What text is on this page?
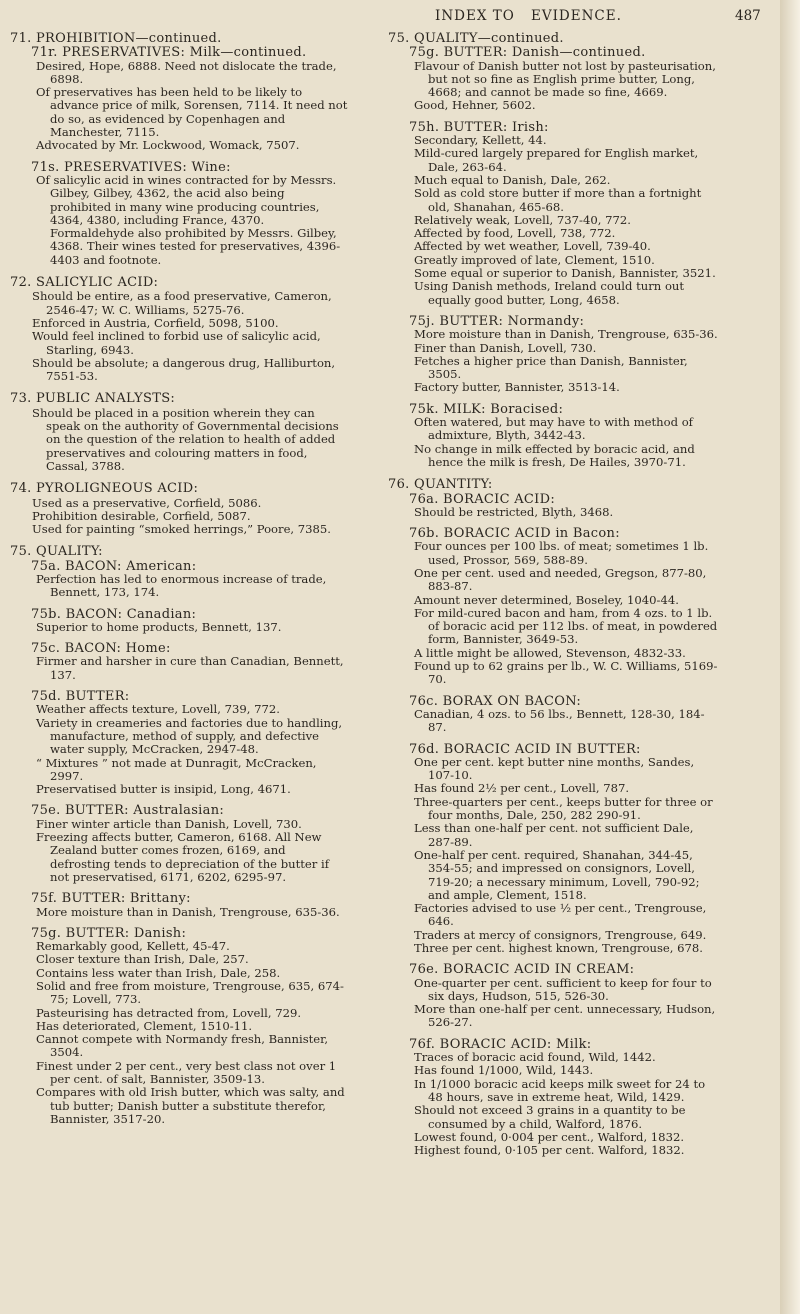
INDEX TO EVIDENCE.	487
71. PROHIBITION—continued.
71r. PRESERVATIVES: Milk—continued.

Desired, Hope, 6888. Need not dislocate the trade, 6898.

Of preservatives has been held to be likely to advance price of milk, Sorensen, 7114. It need not do so, as evidenced by Copenhagen and Manchester, 7115.

Advocated by Mr. Lockwood, Womack, 7507.

71s. PRESERVATIVES: Wine:

Of salicylic acid in wines contracted for by Messrs. Gilbey, Gilbey, 4362, the acid also being prohibited in many wine producing countries, 4364, 4380, including France, 4370. Formaldehyde also prohibited by Messrs. Gilbey, 4368. Their wines tested for preservatives, 4396-4403 and footnote.

72. SALICYLIC ACID:

Should be entire, as a food preservative, Cameron, 2546-47; W. C. Williams, 5275-76.

Enforced in Austria, Corfield, 5098, 5100.

Would feel inclined to forbid use of salicylic acid, Starling, 6943.

Should be absolute; a dangerous drug, Halliburton, 7551-53.

73. PUBLIC ANALYSTS:

Should be placed in a position wherein they can speak on the authority of Governmental decisions on the question of the relation to health of added preservatives and colouring matters in food, Cassal, 3788.

74. PYROLIGNEOUS ACID:

Used as a preservative, Corfield, 5086.

Prohibition desirable, Corfield, 5087.

Used for painting “smoked herrings,” Poore, 7385.

75. QUALITY:
75a. BACON: American:

Perfection has led to enormous increase of trade, Bennett, 173, 174.

75b. BACON: Canadian:

Superior to home products, Bennett, 137.

75c. BACON: Home:

Firmer and harsher in cure than Canadian, Bennett, 137.

75d. BUTTER:

Weather affects texture, Lovell, 739, 772.

Variety in creameries and factories due to handling, manufacture, method of supply, and defective water supply, McCracken, 2947-48.

“ Mixtures ” not made at Dunragit, McCracken, 2997.

Preservatised butter is insipid, Long, 4671.

75e. BUTTER: Australasian:

Finer winter article than Danish, Lovell, 730.

Freezing affects butter, Cameron, 6168. All New Zealand butter comes frozen, 6169, and defrosting tends to depreciation of the butter if not preservatised, 6171, 6202, 6295-97.

75f. BUTTER: Brittany:

More moisture than in Danish, Trengrouse, 635-36.

75g. BUTTER: Danish:

Remarkably good, Kellett, 45-47.

Closer texture than Irish, Dale, 257.

Contains less water than Irish, Dale, 258.

Solid and free from moisture, Trengrouse, 635, 674-75; Lovell, 773.

Pasteurising has detracted from, Lovell, 729.

Has deteriorated, Clement, 1510-11.

Cannot compete with Normandy fresh, Bannister, 3504.

Finest under 2 per cent., very best class not over 1 per cent. of salt, Bannister, 3509-13.

Compares with old Irish butter, which was salty, and tub butter; Danish butter a substitute therefor, Bannister, 3517-20.

75. QUALITY—continued.
75g. BUTTER: Danish—continued.

Flavour of Danish butter not lost by pasteurisation, but not so fine as English prime butter, Long, 4668; and cannot be made so fine, 4669.

Good, Hehner, 5602.

75h. BUTTER: Irish:

Secondary, Kellett, 44.

Mild-cured largely prepared for English market, Dale, 263-64.

Much equal to Danish, Dale, 262.

Sold as cold store butter if more than a fortnight old, Shanahan, 465-68.

Relatively weak, Lovell, 737-40, 772.

Affected by food, Lovell, 738, 772.

Affected by wet weather, Lovell, 739-40.

Greatly improved of late, Clement, 1510.

Some equal or superior to Danish, Bannister, 3521.

Using Danish methods, Ireland could turn out equally good butter, Long, 4658.

75j. BUTTER: Normandy:

More moisture than in Danish, Trengrouse, 635-36.

Finer than Danish, Lovell, 730.

Fetches a higher price than Danish, Bannister, 3505.

Factory butter, Bannister, 3513-14.

75k. MILK: Boracised:

Often watered, but may have to with method of admixture, Blyth, 3442-43.

No change in milk effected by boracic acid, and hence the milk is fresh, De Hailes, 3970-71.

76. QUANTITY:
76a. BORACIC ACID:

Should be restricted, Blyth, 3468.

76b. BORACIC ACID in Bacon:

Four ounces per 100 lbs. of meat; sometimes 1 lb. used, Prossor, 569, 588-89.

One per cent. used and needed, Gregson, 877-80, 883-87.

Amount never determined, Boseley, 1040-44.

For mild-cured bacon and ham, from 4 ozs. to 1 lb. of boracic acid per 112 lbs. of meat, in powdered form, Bannister, 3649-53.

A little might be allowed, Stevenson, 4832-33.

Found up to 62 grains per lb., W. C. Williams, 5169-70.

76c. BORAX ON BACON:

Canadian, 4 ozs. to 56 lbs., Bennett, 128-30, 184-87.

76d. BORACIC ACID IN BUTTER:

One per cent. kept butter nine months, Sandes, 107-10.

Has found 2½ per cent., Lovell, 787.

Three-quarters per cent., keeps butter for three or four months, Dale, 250, 282 290-91.

Less than one-half per cent. not sufficient Dale, 287-89.

One-half per cent. required, Shanahan, 344-45, 354-55; and impressed on consignors, Lovell, 719-20; a necessary minimum, Lovell, 790-92; and ample, Clement, 1518.

Factories advised to use ½ per cent., Trengrouse, 646.

Traders at mercy of consignors, Trengrouse, 649.

Three per cent. highest known, Trengrouse, 678.

76e. BORACIC ACID IN CREAM:

One-quarter per cent. sufficient to keep for four to six days, Hudson, 515, 526-30.

More than one-half per cent. unnecessary, Hudson, 526-27.

76f. BORACIC ACID: Milk:

Traces of boracic acid found, Wild, 1442.

Has found 1/1000, Wild, 1443.

In 1/1000 boracic acid keeps milk sweet for 24 to 48 hours, save in extreme heat, Wild, 1429.

Should not exceed 3 grains in a quantity to be consumed by a child, Walford, 1876.

Lowest found, 0·004 per cent., Walford, 1832.

Highest found, 0·105 per cent. Walford, 1832.
